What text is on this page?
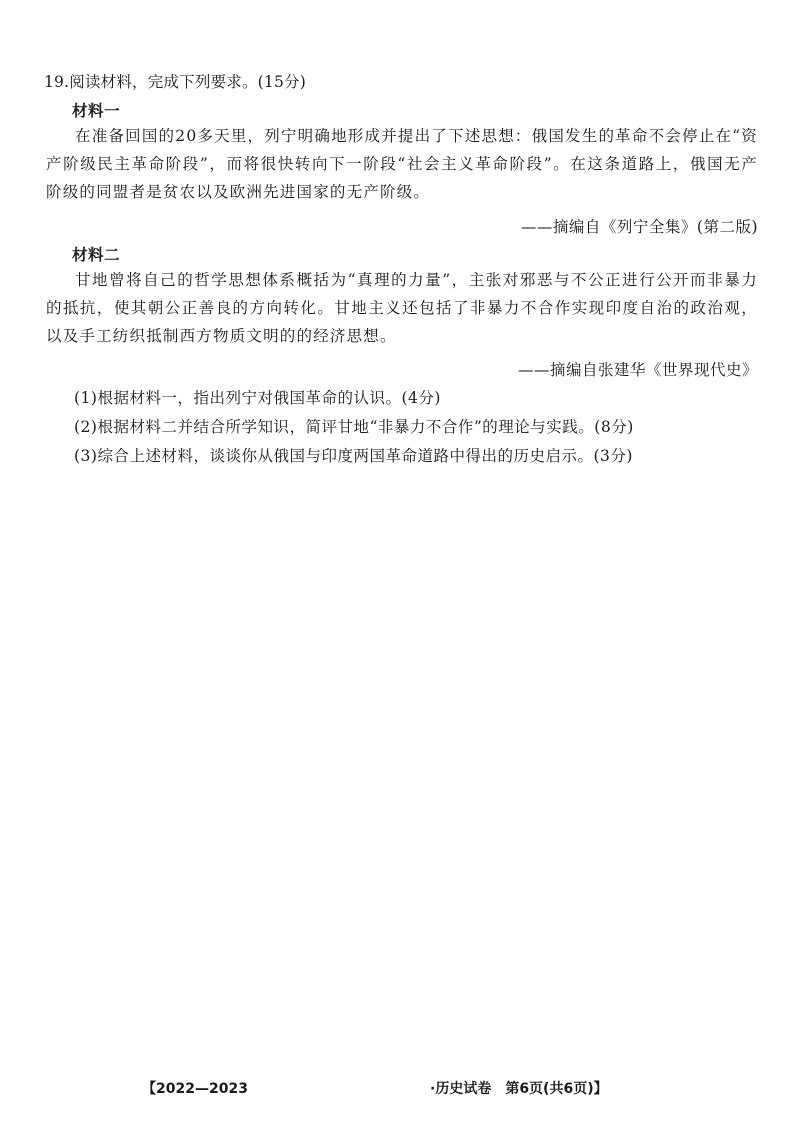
19.阅读材料，完成下列要求。(15分)
材料一
在准备回国的20多天里，列宁明确地形成并提出了下述思想：俄国发生的革命不会停止在“资产阶级民主革命阶段”，而将很快转向下一阶段“社会主义革命阶段”。在这条道路上，俄国无产阶级的同盟者是贫农以及欧洲先进国家的无产阶级。
——摘编自《列宁全集》(第二版)
材料二
甘地曾将自己的哲学思想体系概括为“真理的力量”，主张对邪恶与不公正进行公开而非暴力的抵抗，使其朝公正善良的方向转化。甘地主义还包括了非暴力不合作实现印度自治的政治观，以及手工纺织抵制西方物质文明的的经济思想。
——摘编自张建华《世界现代史》
(1)根据材料一，指出列宁对俄国革命的认识。(4分)
(2)根据材料二并结合所学知识，简评甘地“非暴力不合作”的理论与实践。(8分)
(3)综合上述材料，谈谈你从俄国与印度两国革命道路中得出的历史启示。(3分)
【2022—2023	·历史试卷　第6页(共6页)】
